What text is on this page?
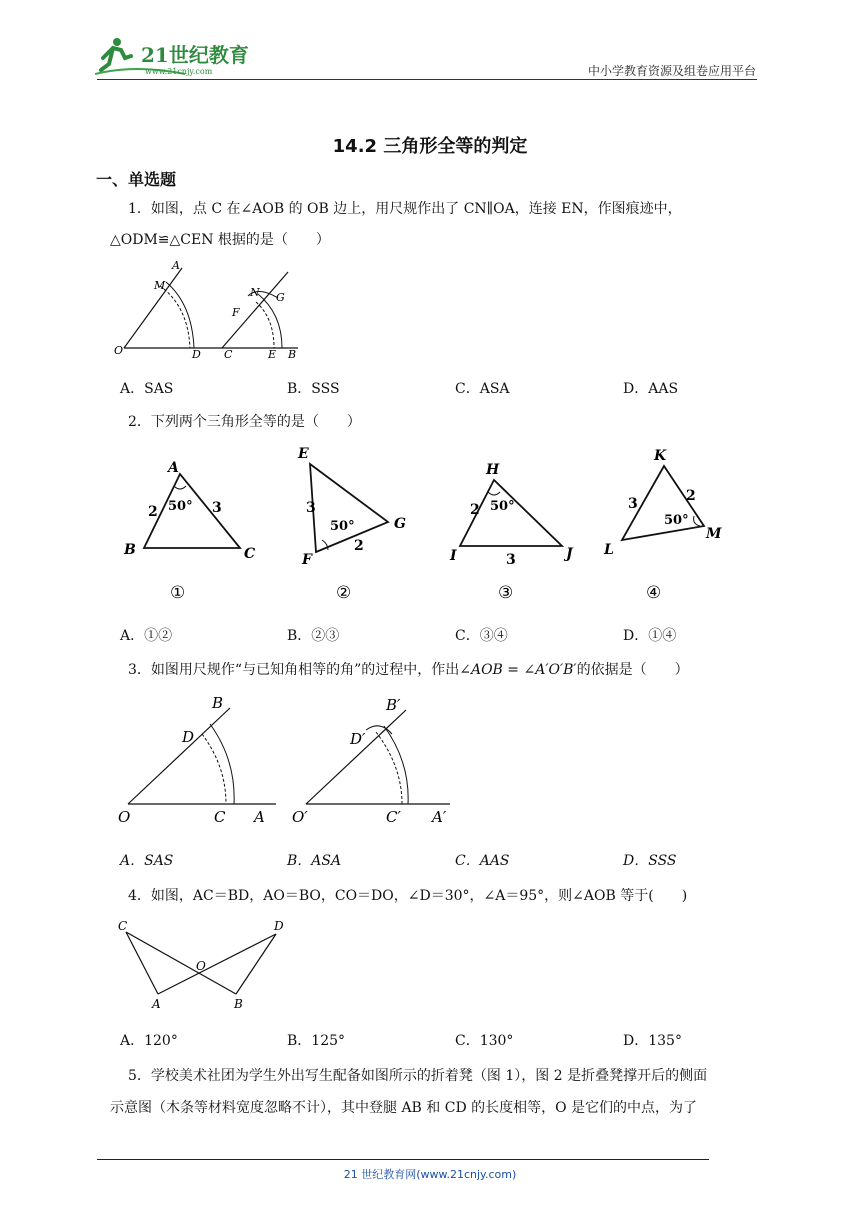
21世纪教育
www.21cnjy.com	中小学教育资源及组卷应用平台
14.2 三角形全等的判定
一、单选题
1．如图，点 C 在∠AOB 的 OB 边上，用尺规作出了 CN∥OA，连接 EN，作图痕迹中，
△ODM≌△CEN 根据的是（　　）
A
M
O	D
N G
F
C	E B
A．SAS	B．SSS	C．ASA	D．AAS
2．下列两个三角形全等的是（　　）
A
B	C
2	3
50°
①
E
G
F
3
2
50°
②
H
I	J
2
3
50°
③
K
L
M
3	2
50°
④
A．①②	B．②③	C．③④	D．①④
3．如图用尺规作“与已知角相等的角”的过程中，作出∠AOB = ∠A′O′B′的依据是（　　）
B
D
O	C A
B′
D′
O′	C′ A′
A．SAS	B．ASA	C．AAS	D．SSS
4．如图，AC＝BD，AO＝BO，CO＝DO，∠D＝30°，∠A＝95°，则∠AOB 等于(　　)
C	D
O
A	B
A．120°	B．125°	C．130°	D．135°
5．学校美术社团为学生外出写生配备如图所示的折着凳（图 1），图 2 是折叠凳撑开后的侧面
示意图（木条等材料宽度忽略不计），其中登腿 AB 和 CD 的长度相等，O 是它们的中点，为了
21 世纪教育网(www.21cnjy.com)
